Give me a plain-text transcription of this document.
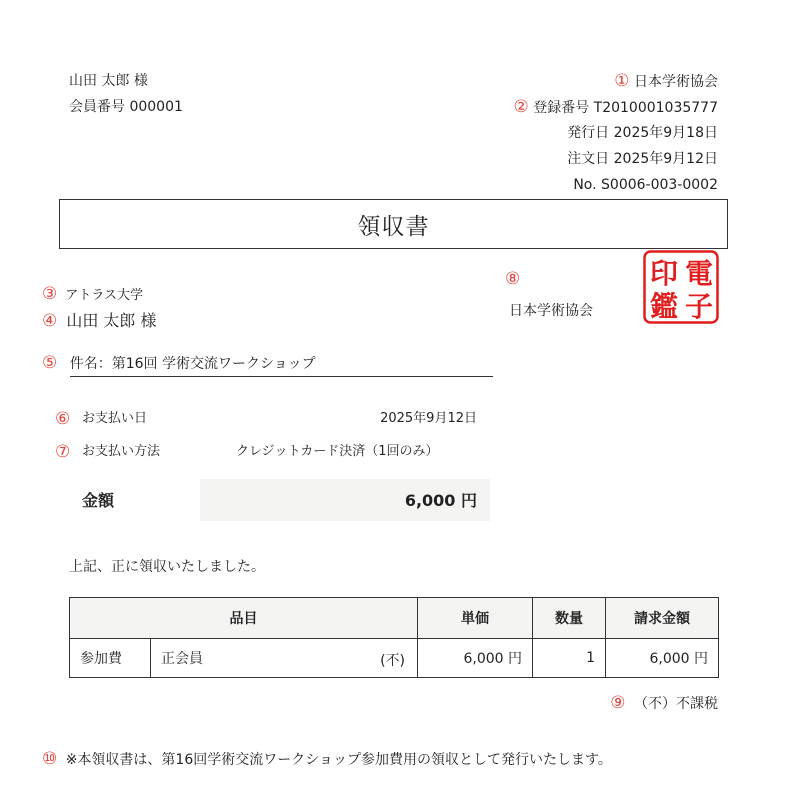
山田 太郎 様
会員番号 000001
① 日本学術協会
② 登録番号 T2010001035777
発行日 2025年9月18日
注文日 2025年9月12日
No. S0006-003-0002
領収書
③ アトラス大学
④ 山田 太郎 様
⑧
日本学術協会
電
子
印
鑑
⑤ 件名：第16回 学術交流ワークショップ
⑥ お支払い日	2025年9月12日
⑦ お支払い方法	クレジットカード決済（1回のみ）
金額	6,000 円
上記、正に領収いたしました。
品目		単価	数量	請求金額
参加費	正会員 (不)	6,000 円	1	6,000 円
⑨ （不）不課税
⑩ ※本領収書は、第16回学術交流ワークショップ参加費用の領収として発行いたします。
